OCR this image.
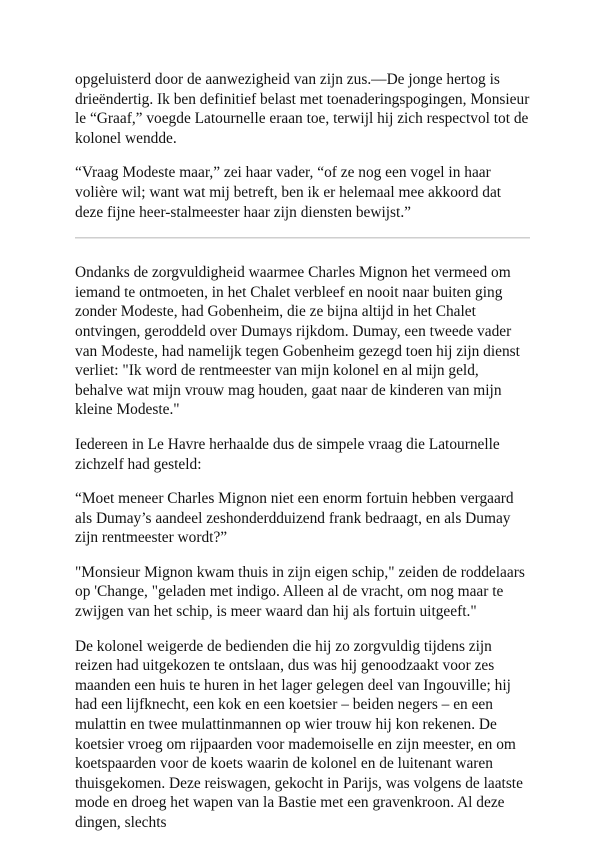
opgeluisterd door de aanwezigheid van zijn zus.—De jonge hertog is drieëndertig. Ik ben definitief belast met toenaderingspogingen, Monsieur le “Graaf,” voegde Latournelle eraan toe, terwijl hij zich respectvol tot de kolonel wendde.

“Vraag Modeste maar,” zei haar vader, “of ze nog een vogel in haar volière wil; want wat mij betreft, ben ik er helemaal mee akkoord dat deze fijne heer-stalmeester haar zijn diensten bewijst.”

Ondanks de zorgvuldigheid waarmee Charles Mignon het vermeed om iemand te ontmoeten, in het Chalet verbleef en nooit naar buiten ging zonder Modeste, had Gobenheim, die ze bijna altijd in het Chalet ontvingen, geroddeld over Dumays rijkdom. Dumay, een tweede vader van Modeste, had namelijk tegen Gobenheim gezegd toen hij zijn dienst verliet: "Ik word de rentmeester van mijn kolonel en al mijn geld, behalve wat mijn vrouw mag houden, gaat naar de kinderen van mijn kleine Modeste."

Iedereen in Le Havre herhaalde dus de simpele vraag die Latournelle zichzelf had gesteld:

“Moet meneer Charles Mignon niet een enorm fortuin hebben vergaard als Dumay’s aandeel zeshonderdduizend frank bedraagt, en als Dumay zijn rentmeester wordt?”

"Monsieur Mignon kwam thuis in zijn eigen schip," zeiden de roddelaars op 'Change, "geladen met indigo. Alleen al de vracht, om nog maar te zwijgen van het schip, is meer waard dan hij als fortuin uitgeeft."

De kolonel weigerde de bedienden die hij zo zorgvuldig tijdens zijn reizen had uitgekozen te ontslaan, dus was hij genoodzaakt voor zes maanden een huis te huren in het lager gelegen deel van Ingouville; hij had een lijfknecht, een kok en een koetsier – beiden negers – en een mulattin en twee mulattinmannen op wier trouw hij kon rekenen. De koetsier vroeg om rijpaarden voor mademoiselle en zijn meester, en om koetspaarden voor de koets waarin de kolonel en de luitenant waren thuisgekomen. Deze reiswagen, gekocht in Parijs, was volgens de laatste mode en droeg het wapen van la Bastie met een gravenkroon. Al deze dingen, slechts
